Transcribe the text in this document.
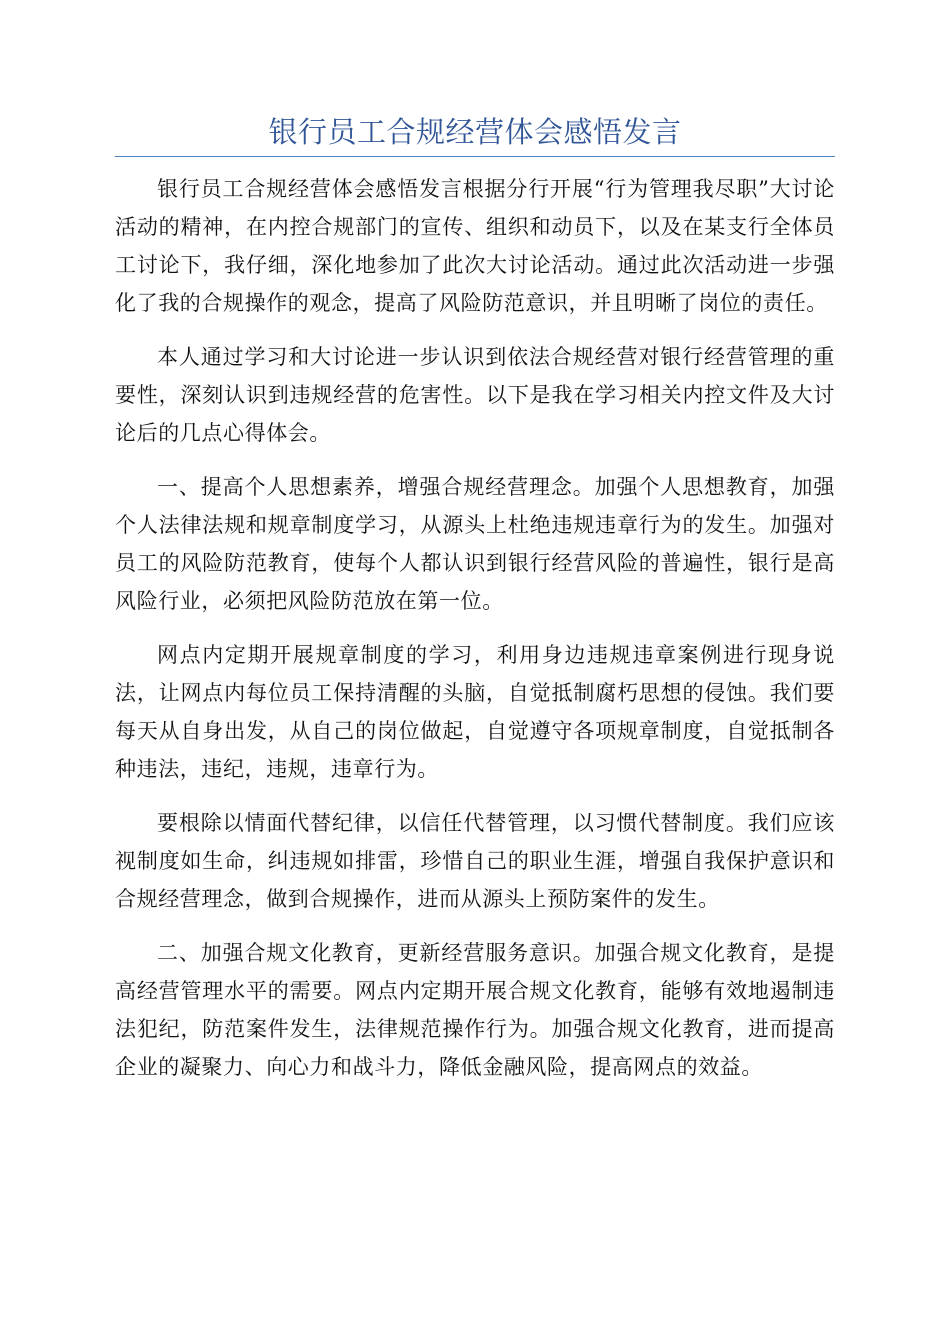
银行员工合规经营体会感悟发言

银行员工合规经营体会感悟发言根据分行开展“行为管理我尽职”大讨论活动的精神，在内控合规部门的宣传、组织和动员下，以及在某支行全体员工讨论下，我仔细，深化地参加了此次大讨论活动。通过此次活动进一步强化了我的合规操作的观念，提高了风险防范意识，并且明晰了岗位的责任。

本人通过学习和大讨论进一步认识到依法合规经营对银行经营管理的重要性，深刻认识到违规经营的危害性。以下是我在学习相关内控文件及大讨论后的几点心得体会。

一、提高个人思想素养，增强合规经营理念。加强个人思想教育，加强个人法律法规和规章制度学习，从源头上杜绝违规违章行为的发生。加强对员工的风险防范教育，使每个人都认识到银行经营风险的普遍性，银行是高风险行业，必须把风险防范放在第一位。

网点内定期开展规章制度的学习，利用身边违规违章案例进行现身说法，让网点内每位员工保持清醒的头脑，自觉抵制腐朽思想的侵蚀。我们要每天从自身出发，从自己的岗位做起，自觉遵守各项规章制度，自觉抵制各种违法，违纪，违规，违章行为。

要根除以情面代替纪律，以信任代替管理，以习惯代替制度。我们应该视制度如生命，纠违规如排雷，珍惜自己的职业生涯，增强自我保护意识和合规经营理念，做到合规操作，进而从源头上预防案件的发生。

二、加强合规文化教育，更新经营服务意识。加强合规文化教育，是提高经营管理水平的需要。网点内定期开展合规文化教育，能够有效地遏制违法犯纪，防范案件发生，法律规范操作行为。加强合规文化教育，进而提高企业的凝聚力、向心力和战斗力，降低金融风险，提高网点的效益。
